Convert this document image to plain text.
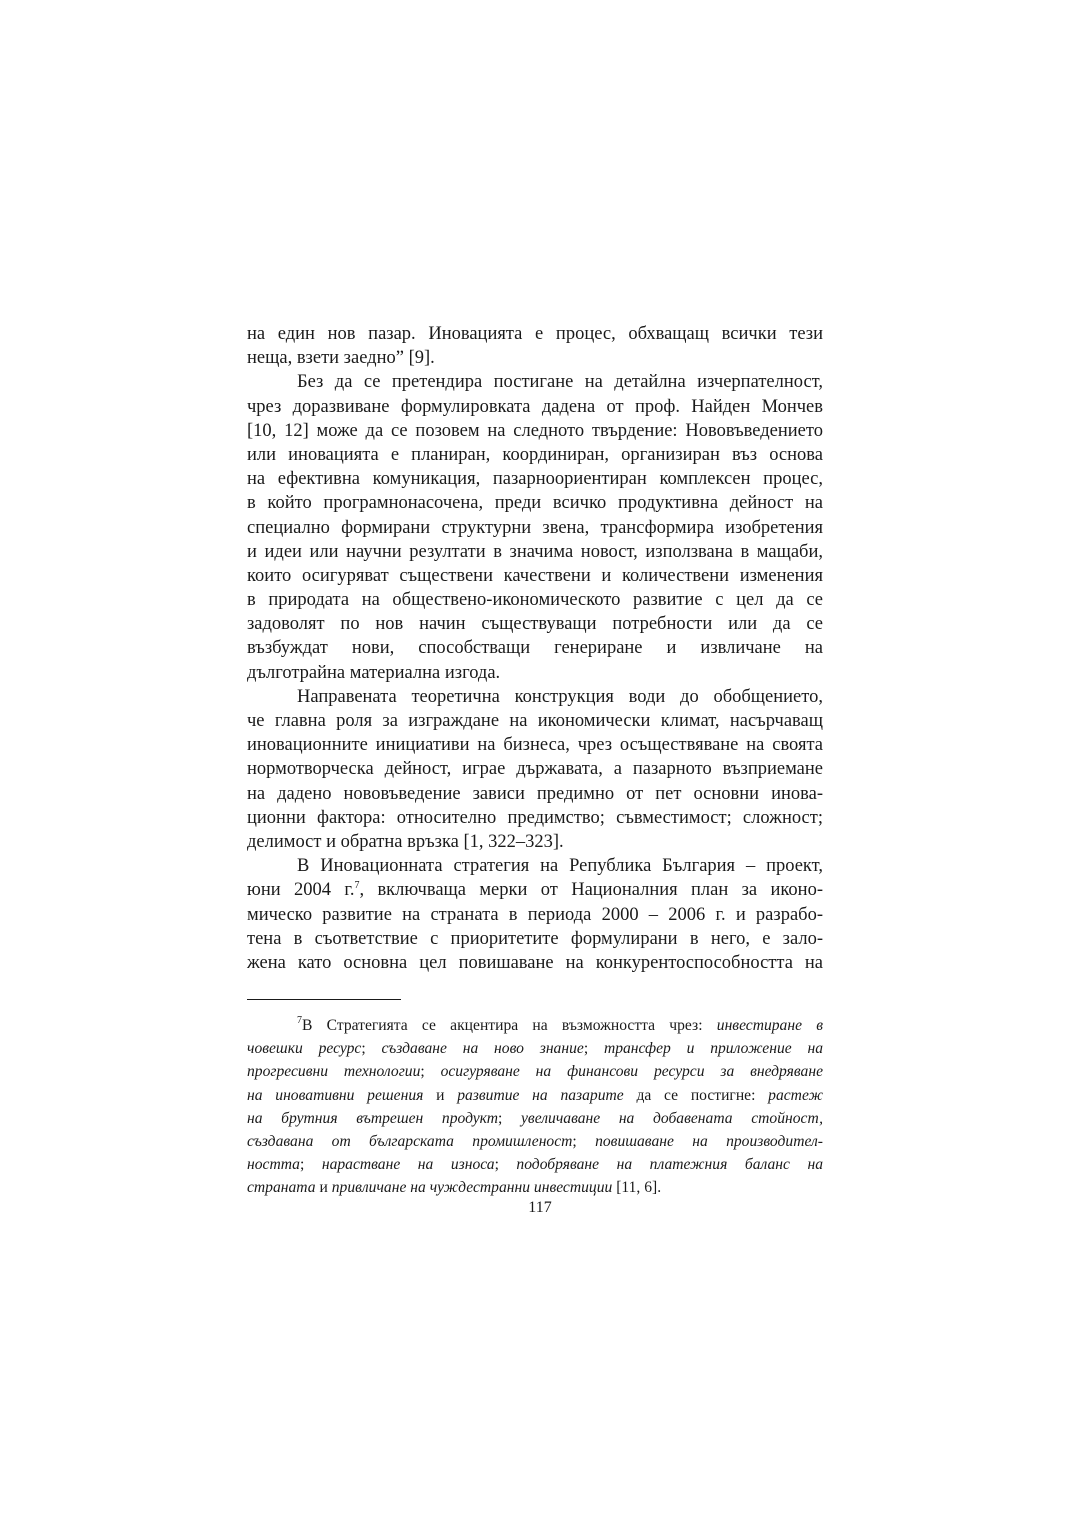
на един нов пазар. Иновацията е процес, обхващащ всички тези
неща, взети заедно” [9].
Без да се претендира постигане на детайлна изчерпателност,
чрез доразвиване формулировката дадена от проф. Найден Мончев
[10, 12] може да се позовем на следното твърдение: Нововъведението
или иновацията е планиран, координиран, организиран въз основа
на ефективна комуникация, пазарноориентиран комплексен процес,
в който програмнонасочена, преди всичко продуктивна дейност на
специално формирани структурни звена, трансформира изобретения
и идеи или научни резултати в значима новост, използвана в мащаби,
които осигуряват съществени качествени и количествени изменения
в природата на обществено-икономическото развитие с цел да се
задоволят по нов начин съществуващи потребности или да се
възбуждат нови, способстващи генериране и извличане на
дълготрайна материална изгода.
Направената теоретична конструкция води до обобщението,
че главна роля за изграждане на икономически климат, насърчаващ
иновационните инициативи на бизнеса, чрез осъществяване на своята
нормотворческа дейност, играе държавата, а пазарното възприемане
на дадено нововъведение зависи предимно от пет основни инова-
ционни фактора: относително предимство; съвместимост; сложност;
делимост и обратна връзка [1, 322–323].
В Иновационната стратегия на Република България – проект,
юни 2004 г.$^7$, включваща мерки от Националния план за иконо-
мическо развитие на страната в периода 2000 – 2006 г. и разрабо-
тена в съответствие с приоритетите формулирани в него, е зало-
жена като основна цел повишаване на конкурентоспособността на
$^7$В Стратегията се акцентира на възможността чрез: инвестиране в
човешки ресурс; създаване на ново знание; трансфер и приложение на
прогресивни технологии; осигуряване на финансови ресурси за внедряване
на иновативни решения и развитие на пазарите да се постигне: растеж
на брутния вътрешен продукт; увеличаване на добавената стойност,
създавана от българската промишленост; повишаване на производител-
ността; нарастване на износа; подобряване на платежния баланс на
страната и привличане на чуждестранни инвестиции [11, 6].
117
